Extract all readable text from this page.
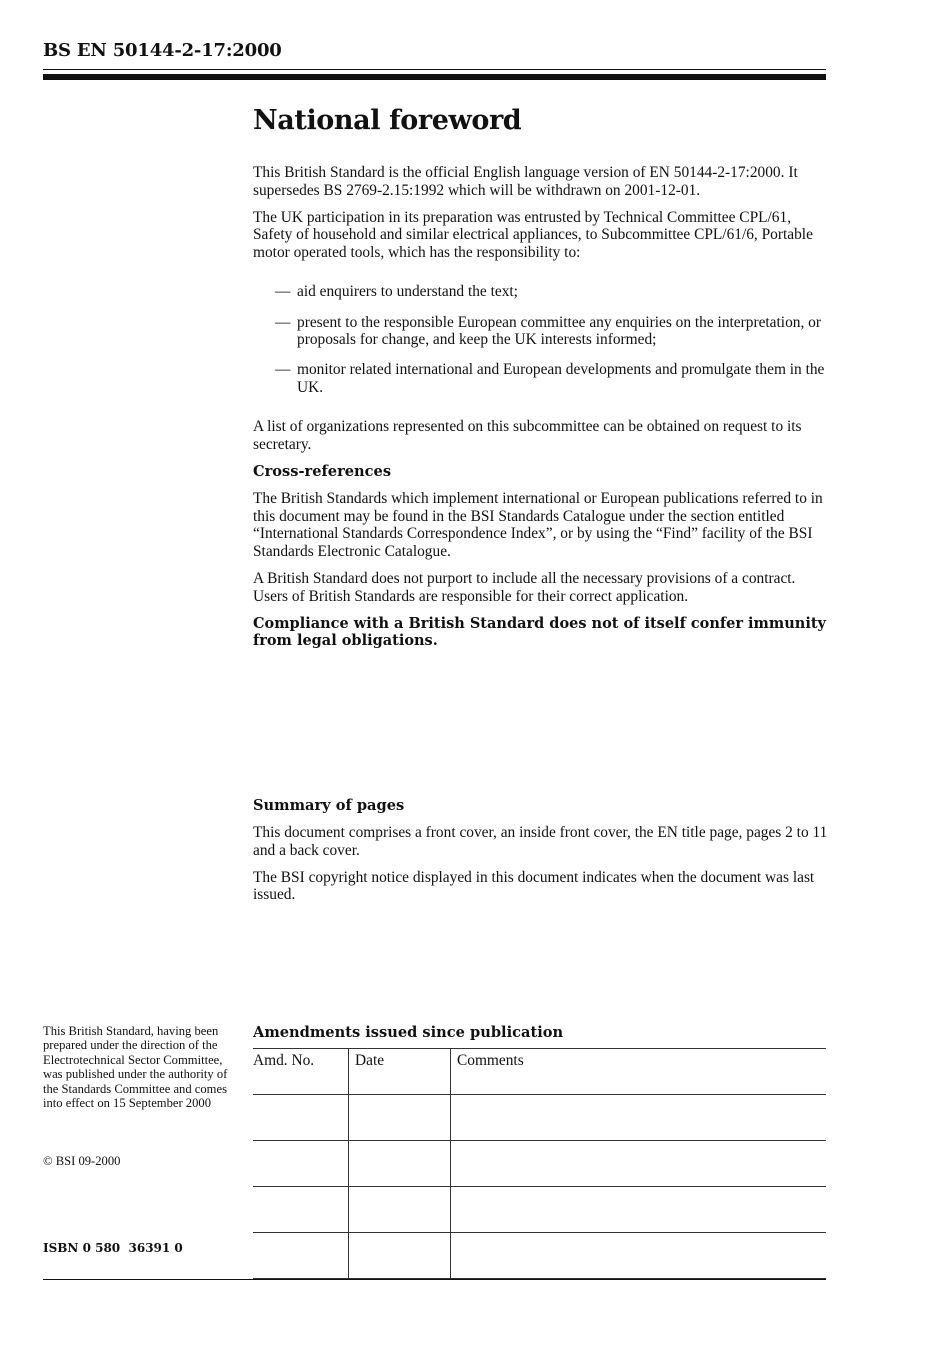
BS EN 50144-2-17:2000
National foreword

This British Standard is the official English language version of EN 50144-2-17:2000. It supersedes BS 2769-2.15:1992 which will be withdrawn on 2001-12-01.

The UK participation in its preparation was entrusted by Technical Committee CPL/61, Safety of household and similar electrical appliances, to Subcommittee CPL/61/6, Portable motor operated tools, which has the responsibility to:

— aid enquirers to understand the text;
— present to the responsible European committee any enquiries on the interpretation, or proposals for change, and keep the UK interests informed;
— monitor related international and European developments and promulgate them in the UK.

A list of organizations represented on this subcommittee can be obtained on request to its secretary.

Cross-references

The British Standards which implement international or European publications referred to in this document may be found in the BSI Standards Catalogue under the section entitled “International Standards Correspondence Index”, or by using the “Find” facility of the BSI Standards Electronic Catalogue.

A British Standard does not purport to include all the necessary provisions of a contract. Users of British Standards are responsible for their correct application.

Compliance with a British Standard does not of itself confer immunity from legal obligations.

Summary of pages

This document comprises a front cover, an inside front cover, the EN title page, pages 2 to 11 and a back cover.

The BSI copyright notice displayed in this document indicates when the document was last issued.

This British Standard, having been prepared under the direction of the Electrotechnical Sector Committee, was published under the authority of the Standards Committee and comes into effect on 15 September 2000

© BSI 09-2000

ISBN 0 580  36391 0

Amendments issued since publication
Amd. No.	Date	Comments
